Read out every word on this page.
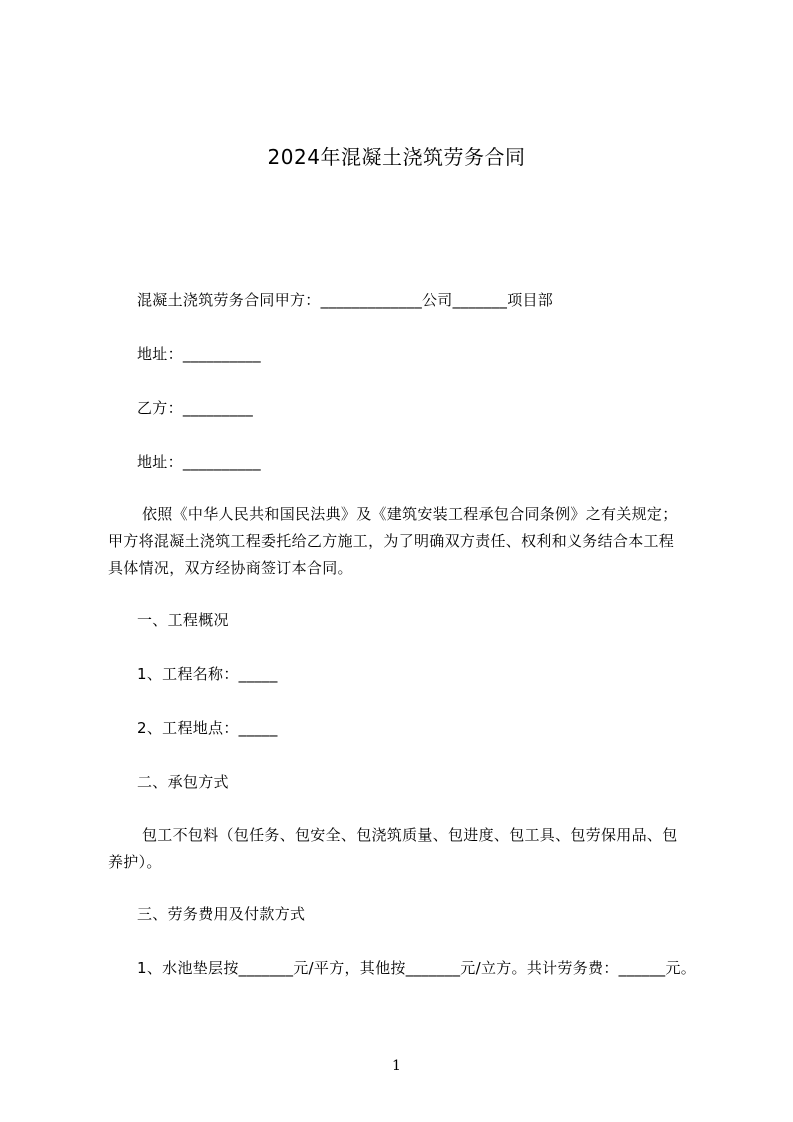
2024年混凝土浇筑劳务合同
混凝土浇筑劳务合同甲方：_____________公司_______项目部
地址：__________
乙方：_________
地址：__________
依照《中华人民共和国民法典》及《建筑安装工程承包合同条例》之有关规定；
甲方将混凝土浇筑工程委托给乙方施工，为了明确双方责任、权利和义务结合本工程
具体情况，双方经协商签订本合同。
一、工程概况
1、工程名称：_____
2、工程地点：_____
二、承包方式
包工不包料（包任务、包安全、包浇筑质量、包进度、包工具、包劳保用品、包
养护）。
三、劳务费用及付款方式
1、水池垫层按_______元/平方，其他按_______元/立方。共计劳务费：______元。
1
